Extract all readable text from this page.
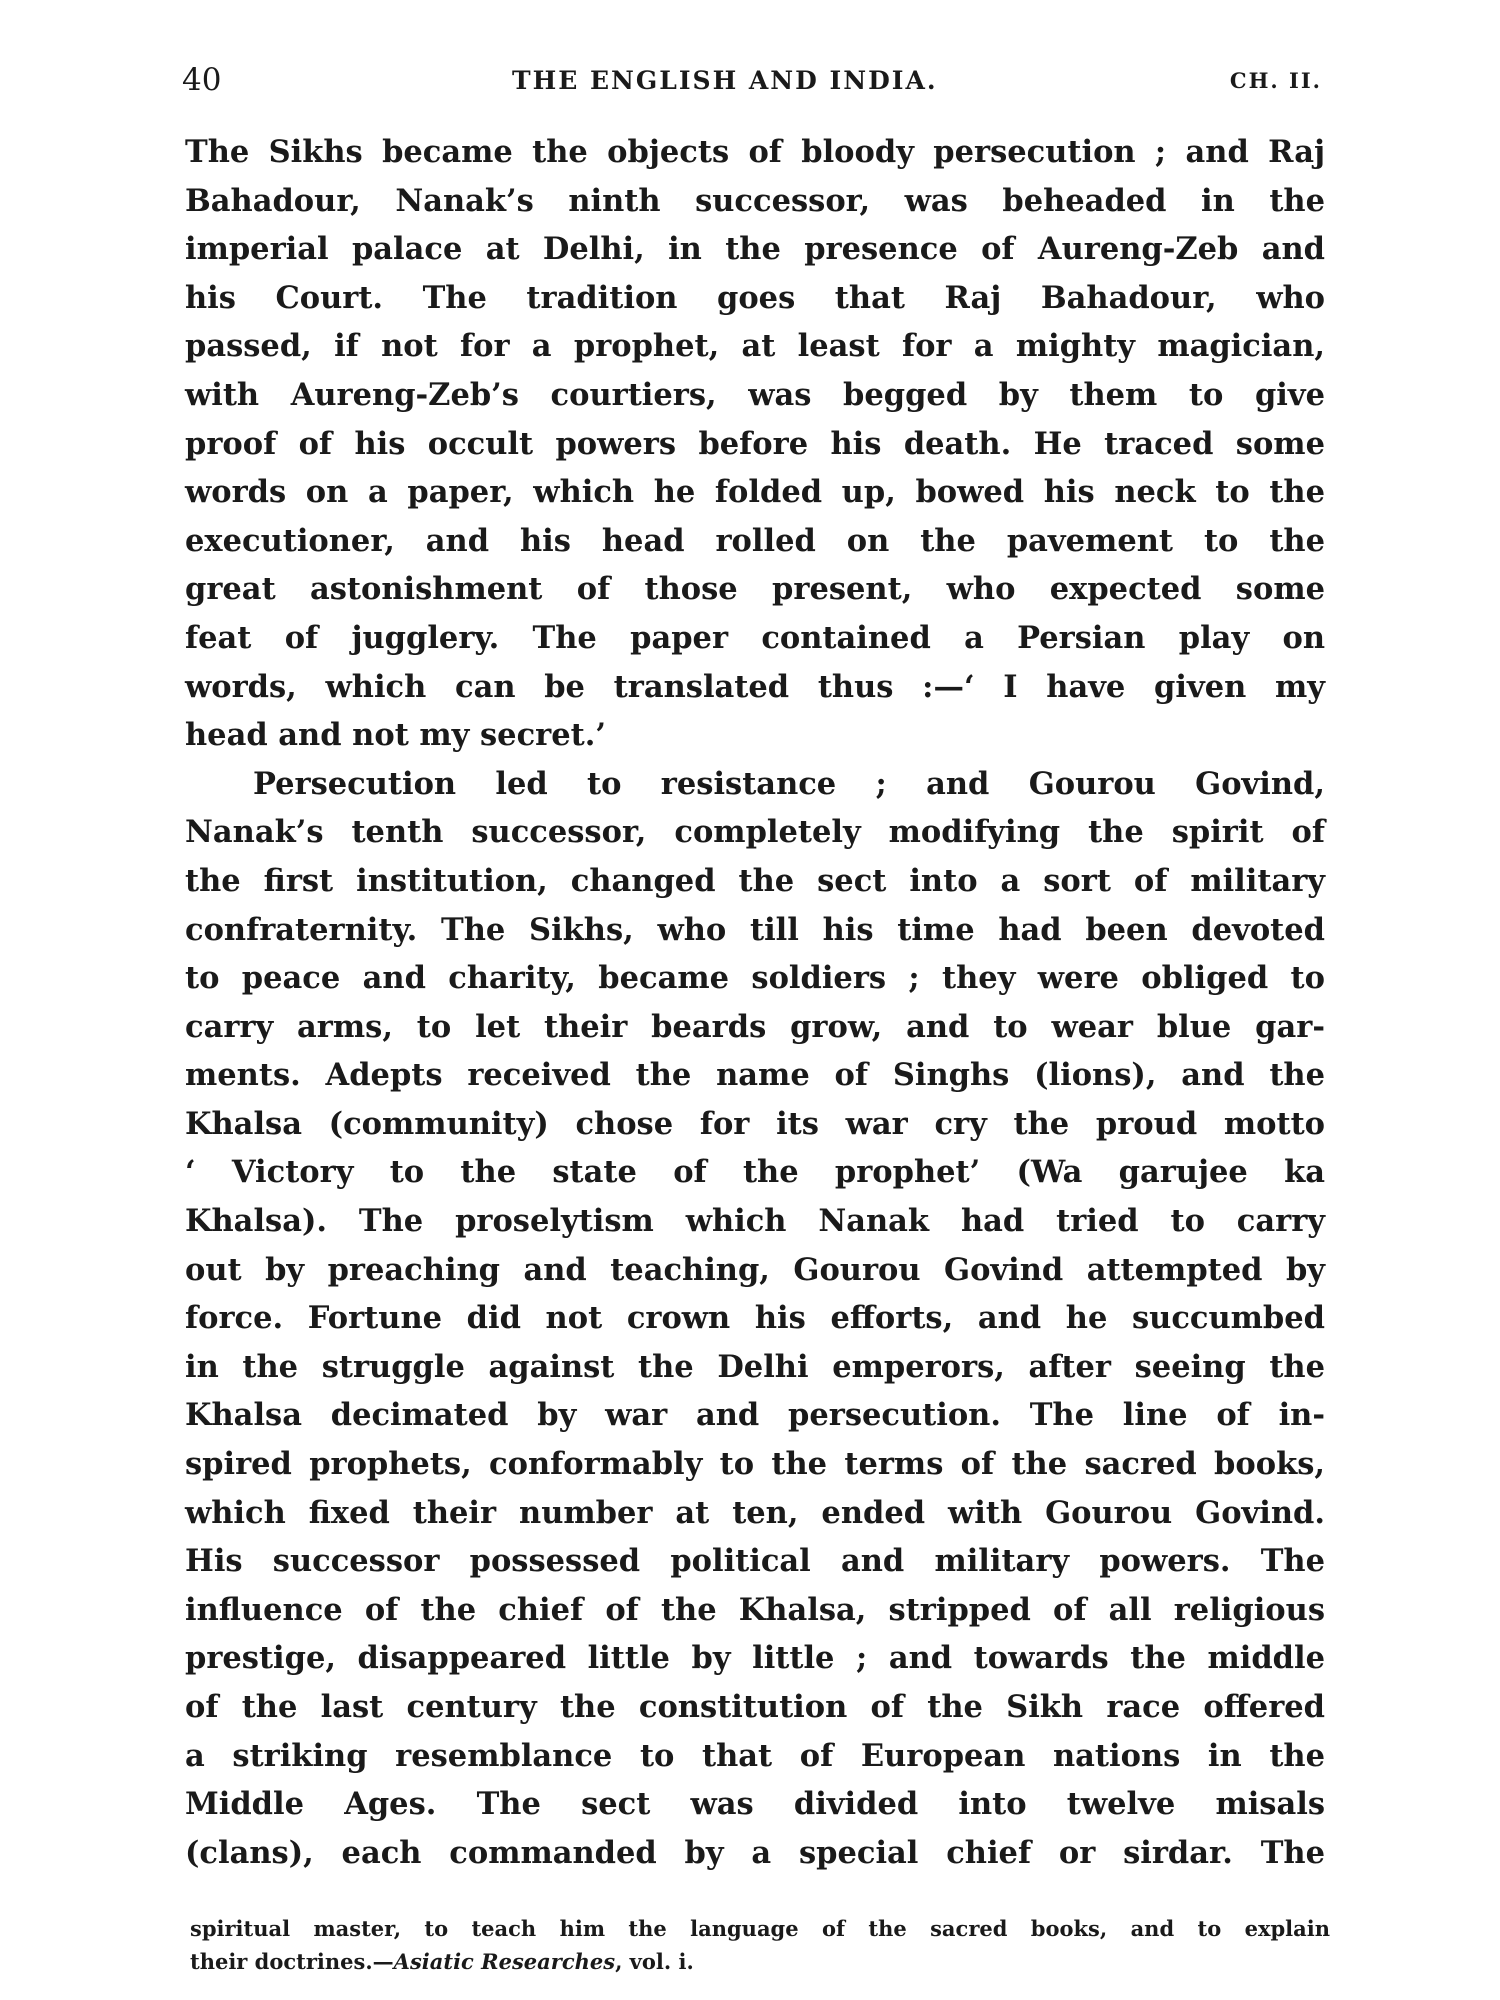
40	THE ENGLISH AND INDIA.	CH. II.
The Sikhs became the objects of bloody persecution ; and Raj
Bahadour, Nanak’s ninth successor, was beheaded in the
imperial palace at Delhi, in the presence of Aureng-Zeb and
his Court. The tradition goes that Raj Bahadour, who
passed, if not for a prophet, at least for a mighty magician,
with Aureng-Zeb’s courtiers, was begged by them to give
proof of his occult powers before his death. He traced some
words on a paper, which he folded up, bowed his neck to the
executioner, and his head rolled on the pavement to the
great astonishment of those present, who expected some
feat of jugglery. The paper contained a Persian play on
words, which can be translated thus :—‘ I have given my
head and not my secret.’
Persecution led to resistance ; and Gourou Govind,
Nanak’s tenth successor, completely modifying the spirit of
the first institution, changed the sect into a sort of military
confraternity. The Sikhs, who till his time had been devoted
to peace and charity, became soldiers ; they were obliged to
carry arms, to let their beards grow, and to wear blue gar-
ments. Adepts received the name of Singhs (lions), and the
Khalsa (community) chose for its war cry the proud motto
‘ Victory to the state of the prophet’ (Wa garujee ka
Khalsa). The proselytism which Nanak had tried to carry
out by preaching and teaching, Gourou Govind attempted by
force. Fortune did not crown his efforts, and he succumbed
in the struggle against the Delhi emperors, after seeing the
Khalsa decimated by war and persecution. The line of in-
spired prophets, conformably to the terms of the sacred books,
which fixed their number at ten, ended with Gourou Govind.
His successor possessed political and military powers. The
influence of the chief of the Khalsa, stripped of all religious
prestige, disappeared little by little ; and towards the middle
of the last century the constitution of the Sikh race offered
a striking resemblance to that of European nations in the
Middle Ages. The sect was divided into twelve misals
(clans), each commanded by a special chief or sirdar. The
spiritual master, to teach him the language of the sacred books, and to explain
their doctrines.—Asiatic Researches, vol. i.
